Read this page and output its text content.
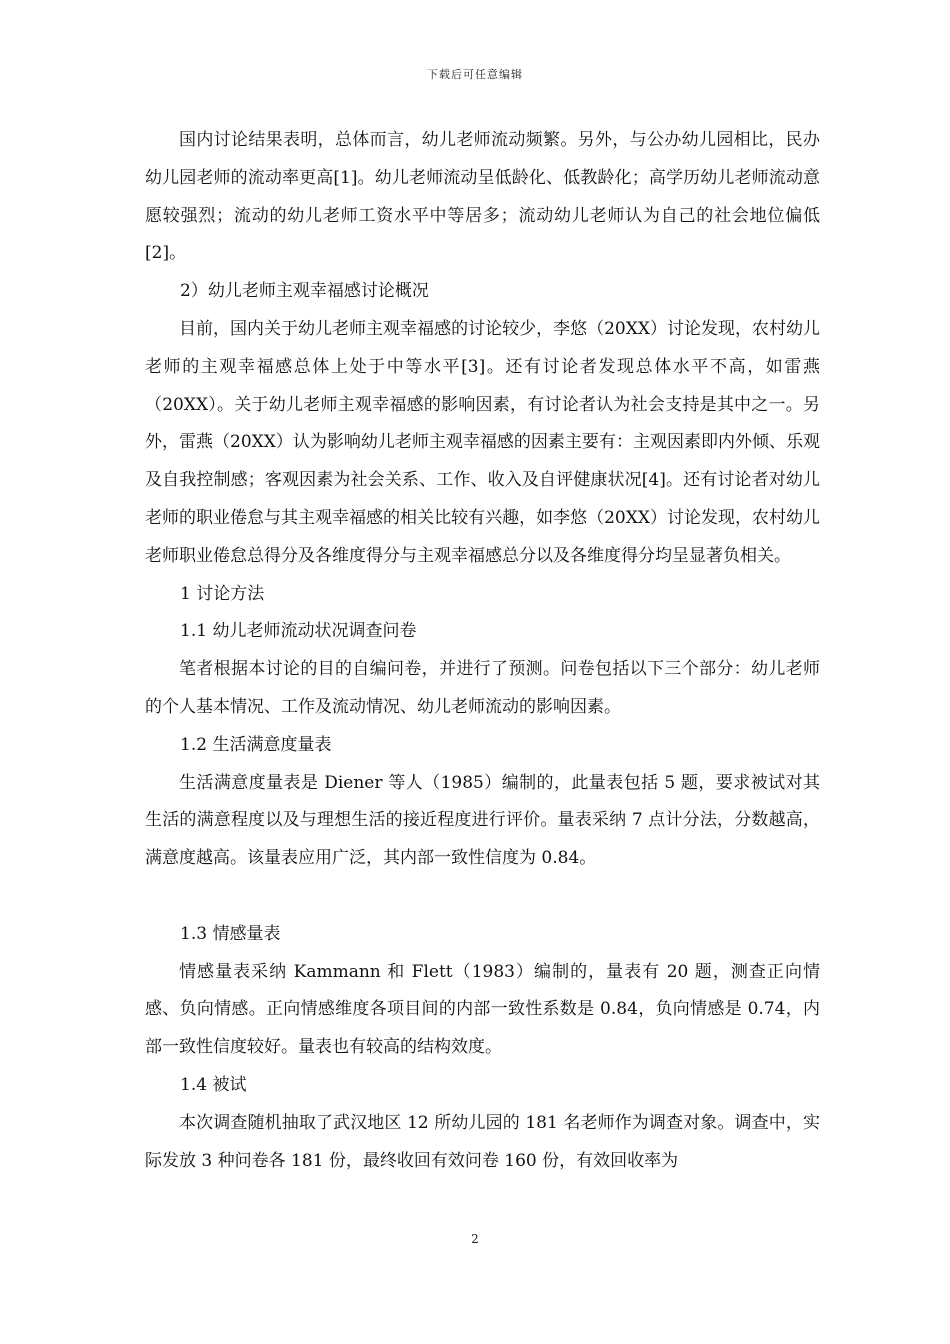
下载后可任意编辑

国内讨论结果表明，总体而言，幼儿老师流动频繁。另外，与公办幼儿园相比，民办幼儿园老师的流动率更高[1]。幼儿老师流动呈低龄化、低教龄化；高学历幼儿老师流动意愿较强烈；流动的幼儿老师工资水平中等居多；流动幼儿老师认为自己的社会地位偏低[2]。

2）幼儿老师主观幸福感讨论概况

目前，国内关于幼儿老师主观幸福感的讨论较少，李悠（20XX）讨论发现，农村幼儿老师的主观幸福感总体上处于中等水平[3]。还有讨论者发现总体水平不高，如雷燕（20XX）。关于幼儿老师主观幸福感的影响因素，有讨论者认为社会支持是其中之一。另外，雷燕（20XX）认为影响幼儿老师主观幸福感的因素主要有：主观因素即内外倾、乐观及自我控制感；客观因素为社会关系、工作、收入及自评健康状况[4]。还有讨论者对幼儿老师的职业倦怠与其主观幸福感的相关比较有兴趣，如李悠（20XX）讨论发现，农村幼儿老师职业倦怠总得分及各维度得分与主观幸福感总分以及各维度得分均呈显著负相关。

1 讨论方法

1.1 幼儿老师流动状况调查问卷

笔者根据本讨论的目的自编问卷，并进行了预测。问卷包括以下三个部分：幼儿老师的个人基本情况、工作及流动情况、幼儿老师流动的影响因素。

1.2 生活满意度量表

生活满意度量表是 Diener 等人（1985）编制的，此量表包括 5 题，要求被试对其生活的满意程度以及与理想生活的接近程度进行评价。量表采纳 7 点计分法，分数越高，满意度越高。该量表应用广泛，其内部一致性信度为 0.84。

1.3 情感量表

情感量表采纳 Kammann 和 Flett（1983）编制的，量表有 20 题，测查正向情感、负向情感。正向情感维度各项目间的内部一致性系数是 0.84，负向情感是 0.74，内部一致性信度较好。量表也有较高的结构效度。

1.4 被试

本次调查随机抽取了武汉地区 12 所幼儿园的 181 名老师作为调查对象。调查中，实际发放 3 种问卷各 181 份，最终收回有效问卷 160 份，有效回收率为

2
